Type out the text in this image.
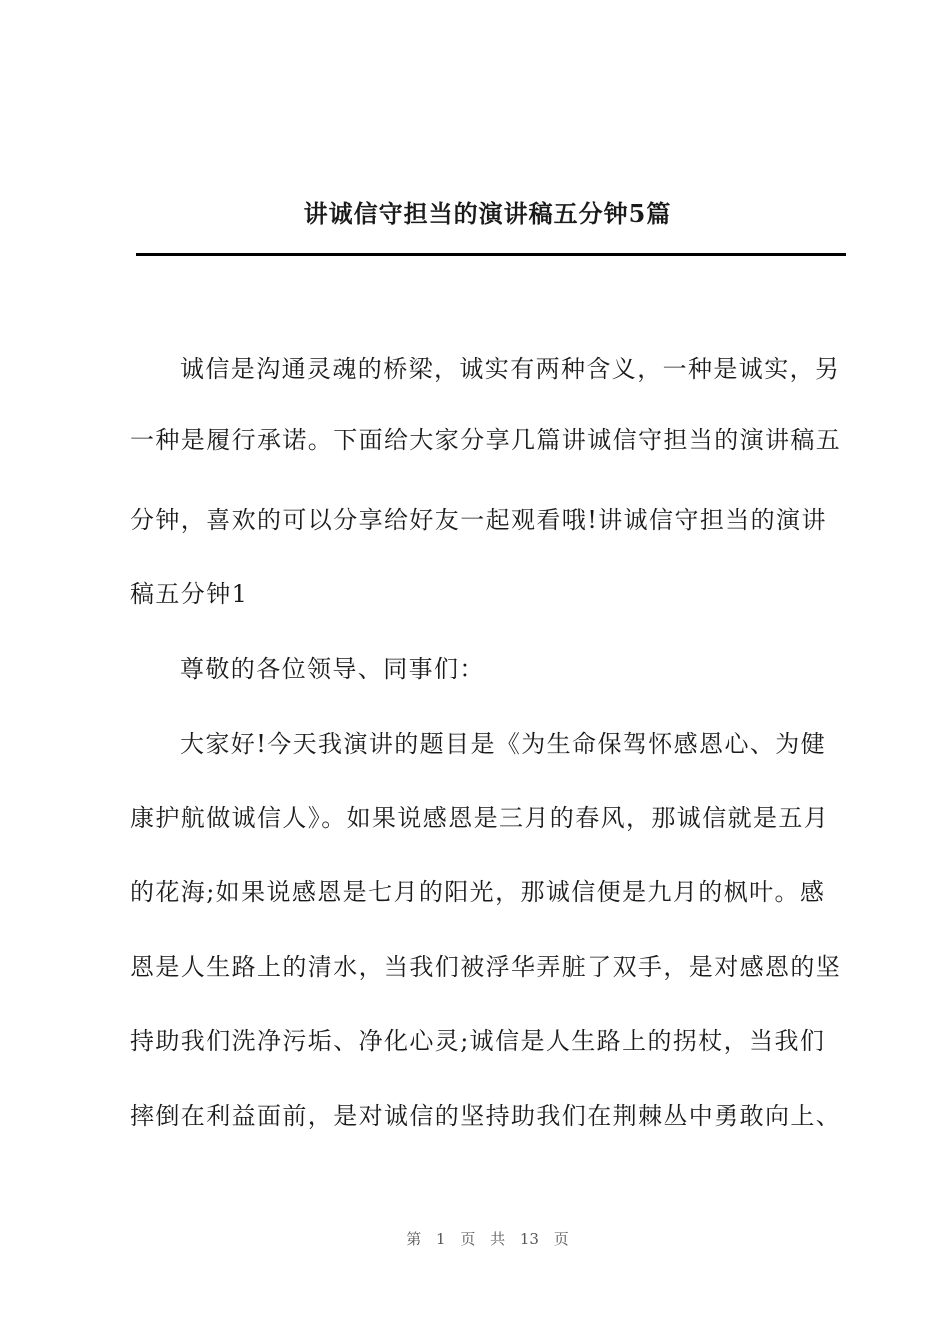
讲诚信守担当的演讲稿五分钟5篇
诚信是沟通灵魂的桥梁，诚实有两种含义，一种是诚实，另
一种是履行承诺。下面给大家分享几篇讲诚信守担当的演讲稿五
分钟，喜欢的可以分享给好友一起观看哦!讲诚信守担当的演讲
稿五分钟1
尊敬的各位领导、同事们：
大家好!今天我演讲的题目是《为生命保驾怀感恩心、为健
康护航做诚信人》。如果说感恩是三月的春风，那诚信就是五月
的花海;如果说感恩是七月的阳光，那诚信便是九月的枫叶。感
恩是人生路上的清水，当我们被浮华弄脏了双手，是对感恩的坚
持助我们洗净污垢、净化心灵;诚信是人生路上的拐杖，当我们
摔倒在利益面前，是对诚信的坚持助我们在荆棘丛中勇敢向上、
第 1 页 共 13 页
